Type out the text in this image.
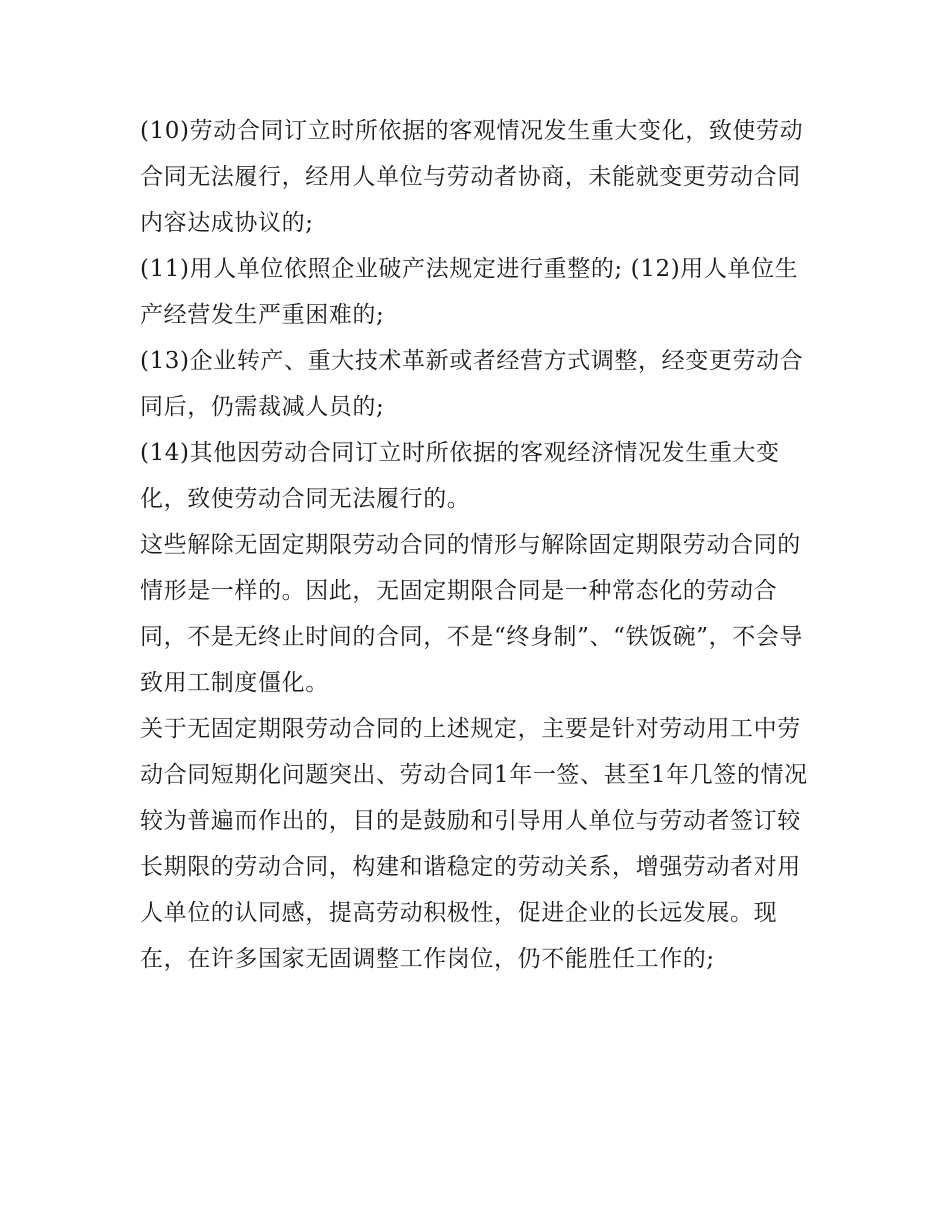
(10)劳动合同订立时所依据的客观情况发生重大变化，致使劳动合同无法履行，经用人单位与劳动者协商，未能就变更劳动合同内容达成协议的;

(11)用人单位依照企业破产法规定进行重整的; (12)用人单位生产经营发生严重困难的;

(13)企业转产、重大技术革新或者经营方式调整，经变更劳动合同后，仍需裁减人员的;

(14)其他因劳动合同订立时所依据的客观经济情况发生重大变化，致使劳动合同无法履行的。

这些解除无固定期限劳动合同的情形与解除固定期限劳动合同的情形是一样的。因此，无固定期限合同是一种常态化的劳动合同，不是无终止时间的合同，不是“终身制”、“铁饭碗”，不会导致用工制度僵化。

关于无固定期限劳动合同的上述规定，主要是针对劳动用工中劳动合同短期化问题突出、劳动合同1年一签、甚至1年几签的情况较为普遍而作出的，目的是鼓励和引导用人单位与劳动者签订较长期限的劳动合同，构建和谐稳定的劳动关系，增强劳动者对用人单位的认同感，提高劳动积极性，促进企业的长远发展。现在，在许多国家无固调整工作岗位，仍不能胜任工作的;
